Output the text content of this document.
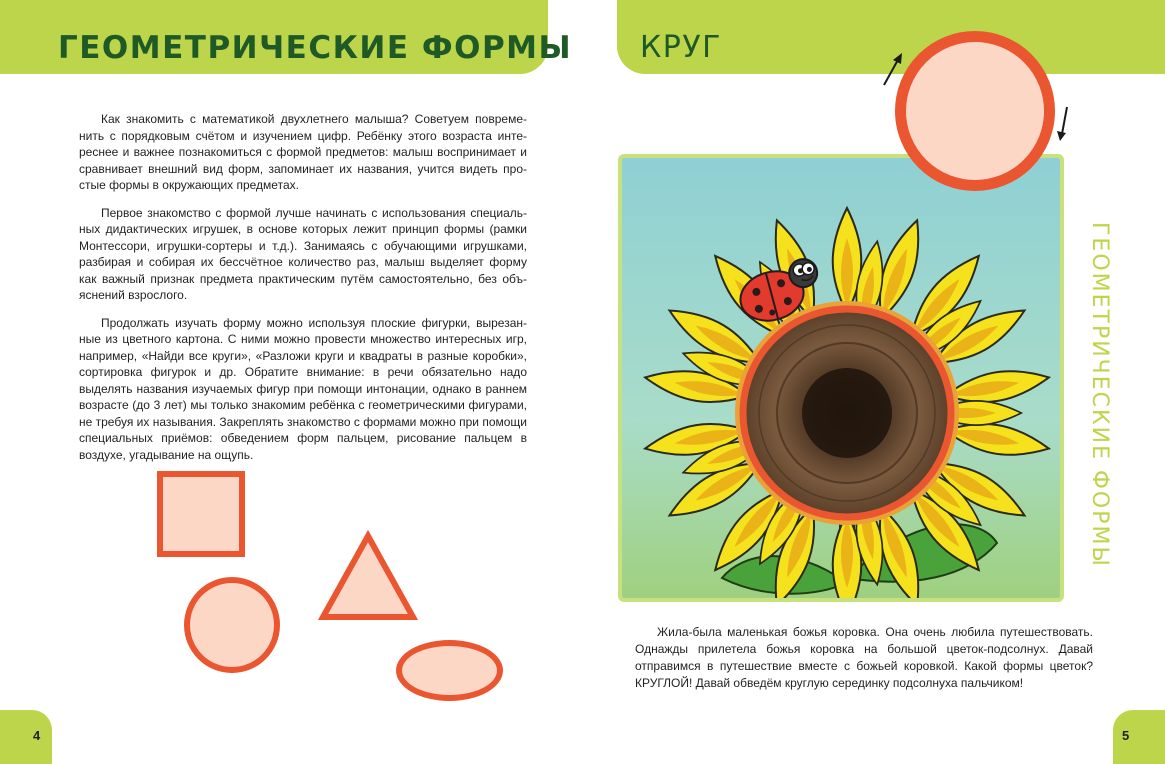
ГЕОМЕТРИЧЕСКИЕ ФОРМЫ

Как знакомить с математикой двухлетнего малыша? Советуем повременить с порядковым счётом и изучением цифр. Ребёнку этого возраста интереснее и важнее познакомиться с формой предметов: малыш воспринимает и сравнивает внешний вид форм, запоминает их названия, учится видеть простые формы в окружающих предметах.

Первое знакомство с формой лучше начинать с использования специальных дидактических игрушек, в основе которых лежит принцип формы (рамки Монтессори, игрушки-сортеры и т.д.). Занимаясь с обучающими игрушками, разбирая и собирая их бессчётное количество раз, малыш выделяет форму как важный признак предмета практическим путём самостоятельно, без объяснений взрослого.

Продолжать изучать форму можно используя плоские фигурки, вырезанные из цветного картона. С ними можно провести множество интересных игр, например, «Найди все круги», «Разложи круги и квадраты в разные коробки», сортировка фигурок и др. Обратите внимание: в речи обязательно надо выделять названия изучаемых фигур при помощи интонации, однако в раннем возрасте (до 3 лет) мы только знакомим ребёнка с геометрическими фигурами, не требуя их называния. Закреплять знакомство с формами можно при помощи специальных приёмов: обведением форм пальцем, рисование пальцем в воздухе, угадывание на ощупь.

4
КРУГ
ГЕОМЕТРИЧЕСКИЕ ФОРМЫ

Жила-была маленькая божья коровка. Она очень любила путешествовать. Однажды прилетела божья коровка на большой цветок-подсолнух. Давай отправимся в путешествие вместе с божьей коровкой. Какой формы цветок? КРУГЛОЙ! Давай обведём круглую серединку подсолнуха пальчиком!

5
